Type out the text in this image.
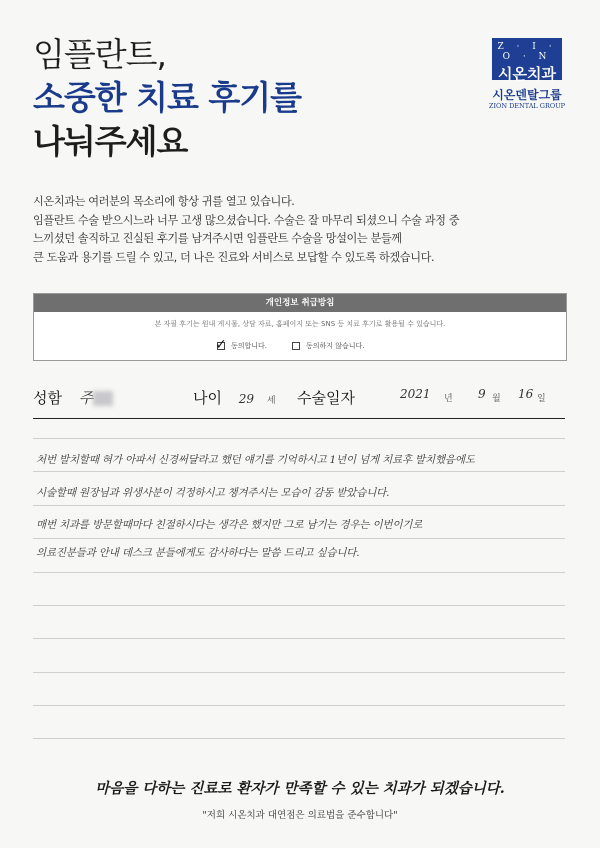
임플란트,
소중한 치료 후기를
나눠주세요
Z · I · O · N
시온치과
시온덴탈그룹
ZION DENTAL GROUP
시온치과는 여러분의 목소리에 항상 귀를 열고 있습니다.
임플란트 수술 받으시느라 너무 고생 많으셨습니다. 수술은 잘 마무리 되셨으니 수술 과정 중
느끼셨던 솔직하고 진실된 후기를 남겨주시면 임플란트 수술을 망설이는 분들께
큰 도움과 용기를 드릴 수 있고, 더 나은 진료와 서비스로 보답할 수 있도록 하겠습니다.
개인정보 취급방침
본 자필 후기는 원내 게시물, 상담 자료, 홈페이지 또는 SNS 등 치료 후기로 활용될 수 있습니다.
✓ 동의합니다.	동의하지 않습니다.
성함 주	나이 29 세 수술일자	2021 년 9 월 16 일
처번 발치할때 혀가 아파서 신경써달라고 했던 얘기를 기억하시고 1년이 넘게 치료후 발치했음에도
시술할때 원장님과 위생사분이 걱정하시고 챙겨주시는 모습이 감동 받았습니다.
매번 치과를 방문할때마다 친절하시다는 생각은 했지만 그로 남기는 경우는 이번이기로
의료진분들과 안내 데스크 분들에게도 감사하다는 말씀 드리고 싶습니다.
마음을 다하는 진료로 환자가 만족할 수 있는 치과가 되겠습니다.
"저희 시온치과 대연점은 의료법을 준수합니다"
